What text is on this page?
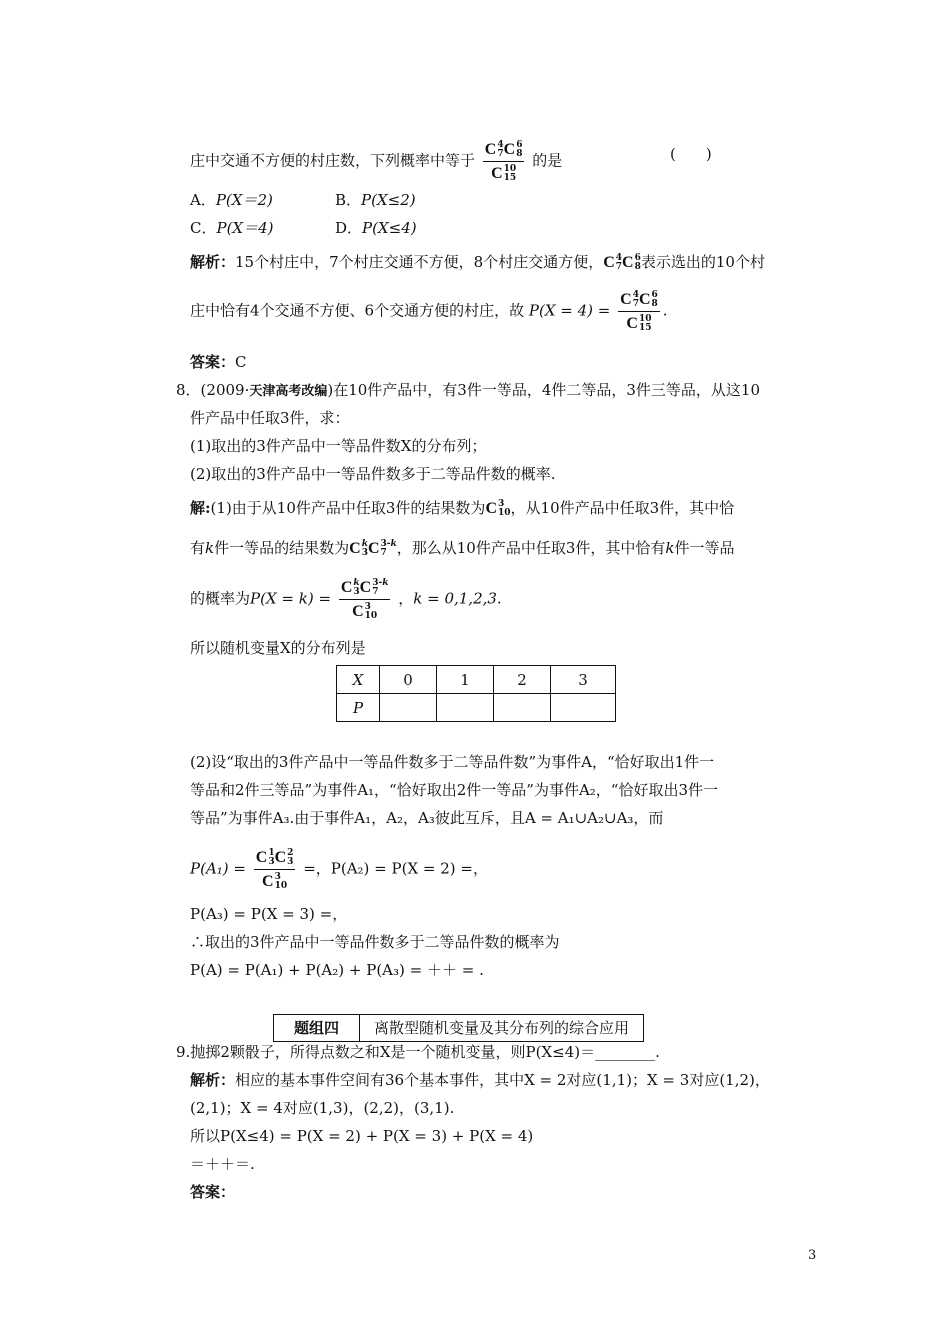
庄中交通不方便的村庄数，下列概率中等于 C 4
7 C 6
8
C 10
15 的是	(　　)
A．P(X＝2)	B．P(X≤2)
C．P(X＝4)	D．P(X≤4)
解析：15个村庄中，7个村庄交通不方便，8个村庄交通方便，C 4
7 C 6
8 表示选出的10个村
庄中恰有4个交通不方便、6个交通方便的村庄，故 P(X = 4) = C 4
7 C 6
8
C 10
15 .
答案：C
8．(2009·天津高考改编)在10件产品中，有3件一等品，4件二等品，3件三等品，从这10
件产品中任取3件，求：
(1)取出的3件产品中一等品件数X的分布列；
(2)取出的3件产品中一等品件数多于二等品件数的概率.
解:(1)由于从10件产品中任取3件的结果数为C 3
10 ，从10件产品中任取3件，其中恰
有k件一等品的结果数为C k
3 C 3-k
7 ，那么从10件产品中任取3件，其中恰有k件一等品
的概率为P(X = k) = C k
3 C 3-k
7
C 3
10 ，k = 0,1,2,3.
所以随机变量X的分布列是
X	0	1	2	3
P				
(2)设“取出的3件产品中一等品件数多于二等品件数”为事件A，“恰好取出1件一
等品和2件三等品”为事件A₁，“恰好取出2件一等品”为事件A₂，“恰好取出3件一
等品”为事件A₃.由于事件A₁，A₂，A₃彼此互斥，且A = A₁∪A₂∪A₃，而
P(A₁) = C 1
3 C 2
3
C 3
10 =，P(A₂) = P(X = 2) =，
P(A₃) = P(X = 3) =，
∴取出的3件产品中一等品件数多于二等品件数的概率为
P(A) = P(A₁) + P(A₂) + P(A₃) = ＋＋ = .
题组四	离散型随机变量及其分布列的综合应用
9.抛掷2颗骰子，所得点数之和X是一个随机变量，则P(X≤4)＝________.
解析：相应的基本事件空间有36个基本事件，其中X = 2对应(1,1)；X = 3对应(1,2)，
(2,1)；X = 4对应(1,3)，(2,2)，(3,1).
所以P(X≤4) = P(X = 2) + P(X = 3) + P(X = 4)
＝＋＋＝.
答案：
3
